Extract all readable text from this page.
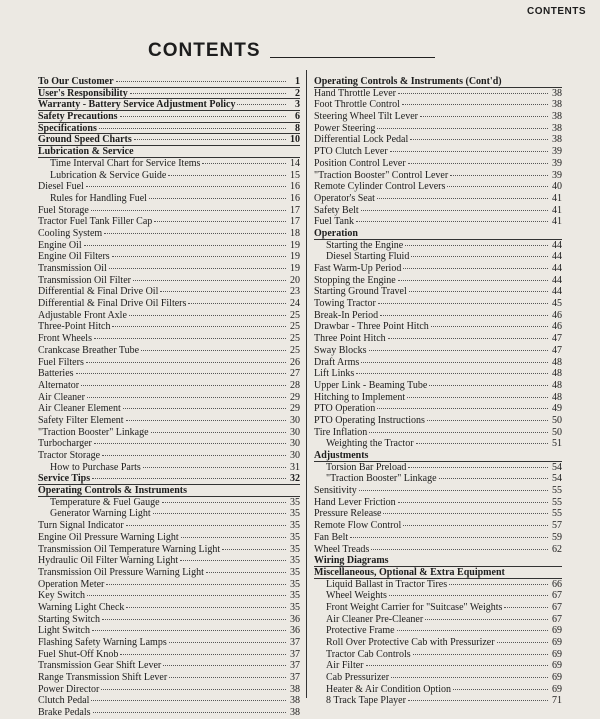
CONTENTS
CONTENTS
To Our Customer	1
User's Responsibility	2
Warranty - Battery Service Adjustment Policy	3
Safety Precautions	6
Specifications	8
Ground Speed Charts	10
Lubrication & Service
Time Interval Chart for Service Items	14
Lubrication & Service Guide	15
Diesel Fuel	16
Rules for Handling Fuel	16
Fuel Storage	17
Tractor Fuel Tank Filler Cap	17
Cooling System	18
Engine Oil	19
Engine Oil Filters	19
Transmission Oil	19
Transmission Oil Filter	20
Differential & Final Drive Oil	23
Differential & Final Drive Oil Filters	24
Adjustable Front Axle	25
Three-Point Hitch	25
Front Wheels	25
Crankcase Breather Tube	25
Fuel Filters	26
Batteries	27
Alternator	28
Air Cleaner	29
Air Cleaner Element	29
Safety Filter Element	30
"Traction Booster" Linkage	30
Turbocharger	30
Tractor Storage	30
How to Purchase Parts	31
Service Tips	32
Operating Controls & Instruments
Temperature & Fuel Gauge	35
Generator Warning Light	35
Turn Signal Indicator	35
Engine Oil Pressure Warning Light	35
Transmission Oil Temperature Warning Light	35
Hydraulic Oil Filter Warning Light	35
Transmission Oil Pressure Warning Light	35
Operation Meter	35
Key Switch	35
Warning Light Check	35
Starting Switch	36
Light Switch	36
Flashing Safety Warning Lamps	37
Fuel Shut-Off Knob	37
Transmission Gear Shift Lever	37
Range Transmission Shift Lever	37
Power Director	38
Clutch Pedal	38
Brake Pedals	38
Operating Controls & Instruments (Cont'd)
Hand Throttle Lever	38
Foot Throttle Control	38
Steering Wheel Tilt Lever	38
Power Steering	38
Differential Lock Pedal	38
PTO Clutch Lever	39
Position Control Lever	39
"Traction Booster" Control Lever	39
Remote Cylinder Control Levers	40
Operator's Seat	41
Safety Belt	41
Fuel Tank	41
Operation
Starting the Engine	44
Diesel Starting Fluid	44
Fast Warm-Up Period	44
Stopping the Engine	44
Starting Ground Travel	44
Towing Tractor	45
Break-In Period	46
Drawbar - Three Point Hitch	46
Three Point Hitch	47
Sway Blocks	47
Draft Arms	48
Lift Links	48
Upper Link - Beaming Tube	48
Hitching to Implement	48
PTO Operation	49
PTO Operating Instructions	50
Tire Inflation	50
Weighting the Tractor	51
Adjustments
Torsion Bar Preload	54
"Traction Booster" Linkage	54
Sensitivity	55
Hand Lever Friction	55
Pressure Release	55
Remote Flow Control	57
Fan Belt	59
Wheel Treads	62
Wiring Diagrams
Miscellaneous, Optional & Extra Equipment
Liquid Ballast in Tractor Tires	66
Wheel Weights	67
Front Weight Carrier for "Suitcase" Weights	67
Air Cleaner Pre-Cleaner	67
Protective Frame	69
Roll Over Protective Cab with Pressurizer	69
Tractor Cab Controls	69
Air Filter	69
Cab Pressurizer	69
Heater & Air Condition Option	69
8 Track Tape Player	71
